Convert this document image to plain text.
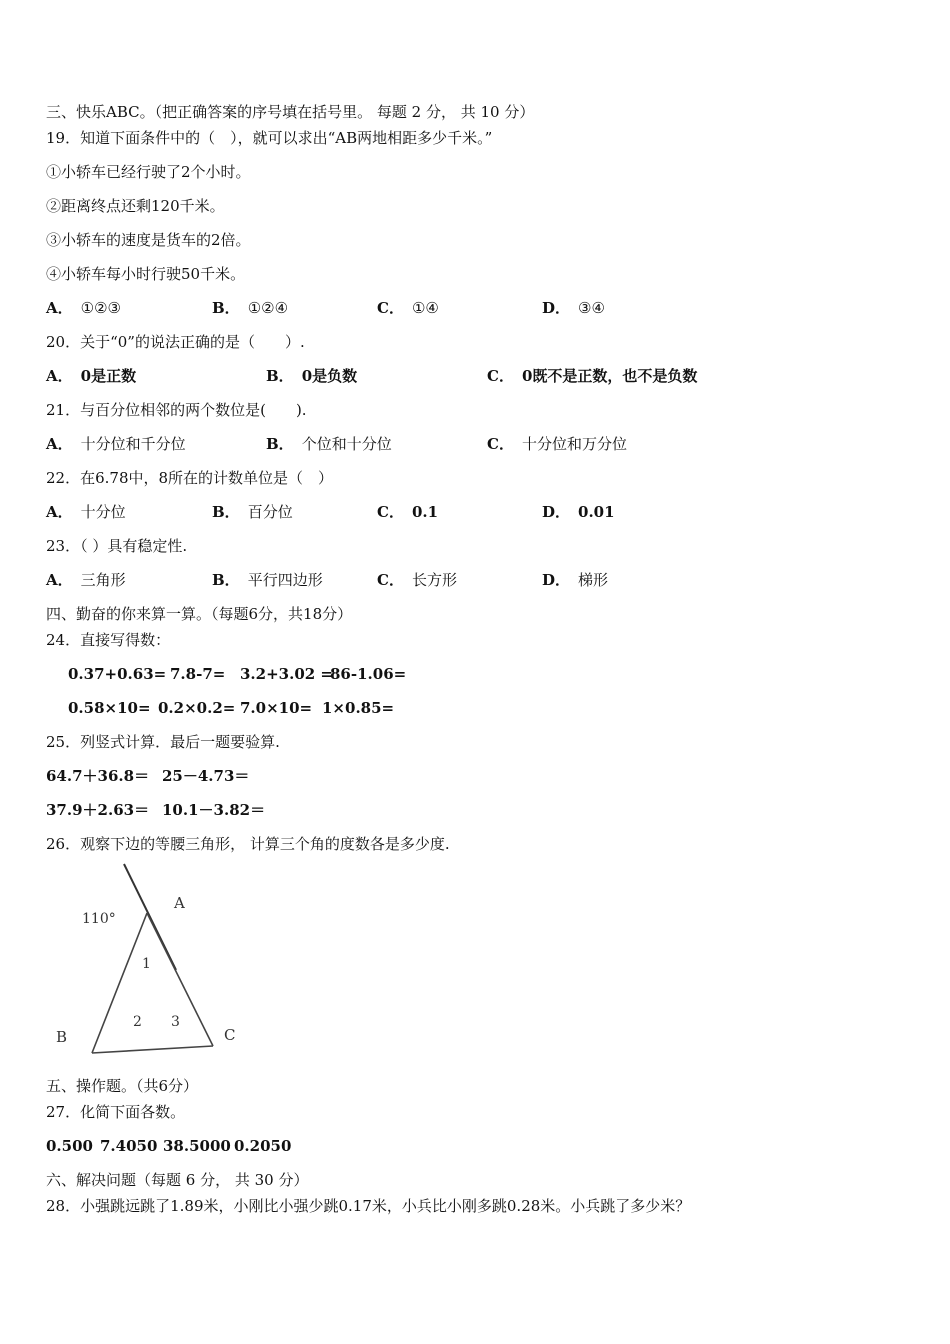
三、快乐ABC。（把正确答案的序号填在括号里。 每题 2 分， 共 10 分）
19．知道下面条件中的（　），就可以求出“AB两地相距多少千米。”
①小轿车已经行驶了2个小时。
②距离终点还剩120千米。
③小轿车的速度是货车的2倍。
④小轿车每小时行驶50千米。
A． ①②③	B． ①②④	C． ①④	D． ③④
20．关于“0”的说法正确的是（　　）.
A． 0是正数	B． 0是负数	C． 0既不是正数，也不是负数
21．与百分位相邻的两个数位是(　　).
A． 十分位和千分位	B． 个位和十分位	C． 十分位和万分位
22．在6.78中，8所在的计数单位是（　）
A． 十分位	B． 百分位	C． 0.1	D． 0.01
23．（ ）具有稳定性.
A． 三角形	B． 平行四边形	C． 长方形	D． 梯形
四、勤奋的你来算一算。（每题6分，共18分）
24．直接写得数：
0.37+0.63= 7.8-7= 3.2+3.02 =
86-1.06=
0.58×10= 0.2×0.2= 7.0×10= 1×0.85=
25．列竖式计算．最后一题要验算.
64.7＋36.8＝ 25－4.73＝
37.9＋2.63＝ 10.1－3.82＝
26．观察下边的等腰三角形， 计算三个角的度数各是多少度.
110°
A
B	C
1
2 3
五、操作题。（共6分）
27．化简下面各数。
0.500 7.4050 38.5000 0.2050
六、解决问题（每题 6 分， 共 30 分）
28．小强跳远跳了1.89米，小刚比小强少跳0.17米，小兵比小刚多跳0.28米。小兵跳了多少米？
